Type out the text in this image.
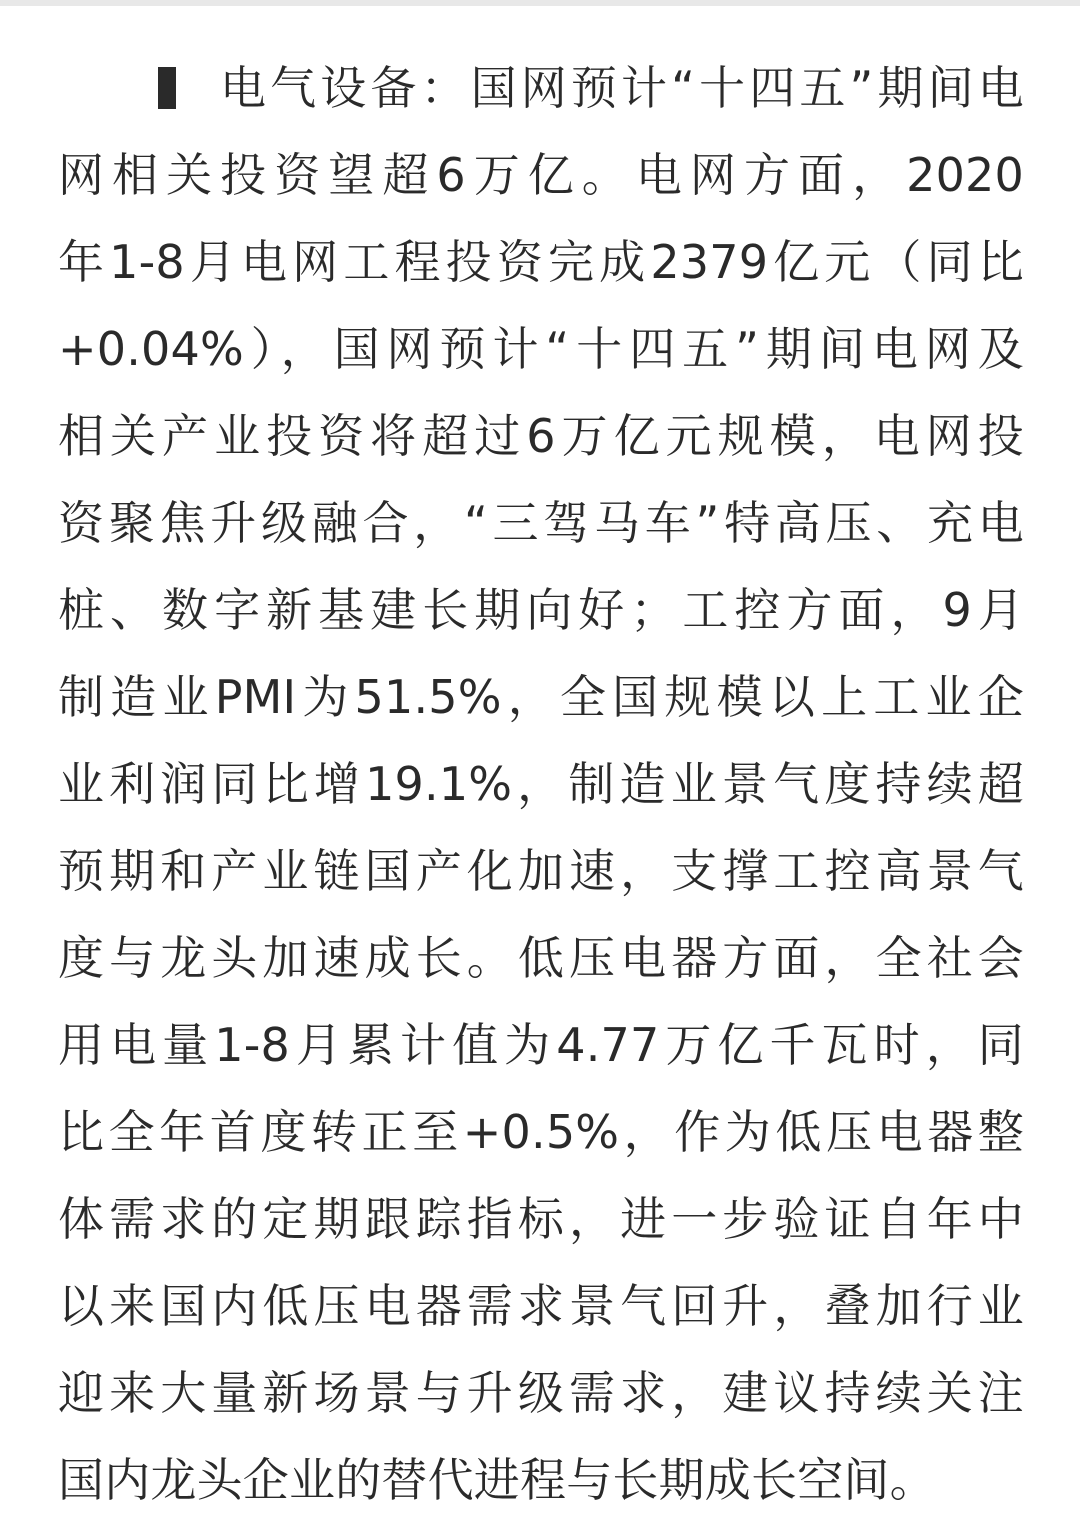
电气设备：国网预计“十四五”期间电
网相关投资望超6万亿。电网方面，2020
年1-8月电网工程投资完成2379亿元（同比
+0.04%），国网预计“十四五”期间电网及
相关产业投资将超过6万亿元规模，电网投
资聚焦升级融合，“三驾马车”特高压、充电
桩、数字新基建长期向好；工控方面，9月
制造业PMI为51.5%，全国规模以上工业企
业利润同比增19.1%，制造业景气度持续超
预期和产业链国产化加速，支撑工控高景气
度与龙头加速成长。低压电器方面，全社会
用电量1-8月累计值为4.77万亿千瓦时，同
比全年首度转正至+0.5%，作为低压电器整
体需求的定期跟踪指标，进一步验证自年中
以来国内低压电器需求景气回升，叠加行业
迎来大量新场景与升级需求，建议持续关注
国内龙头企业的替代进程与长期成长空间。
